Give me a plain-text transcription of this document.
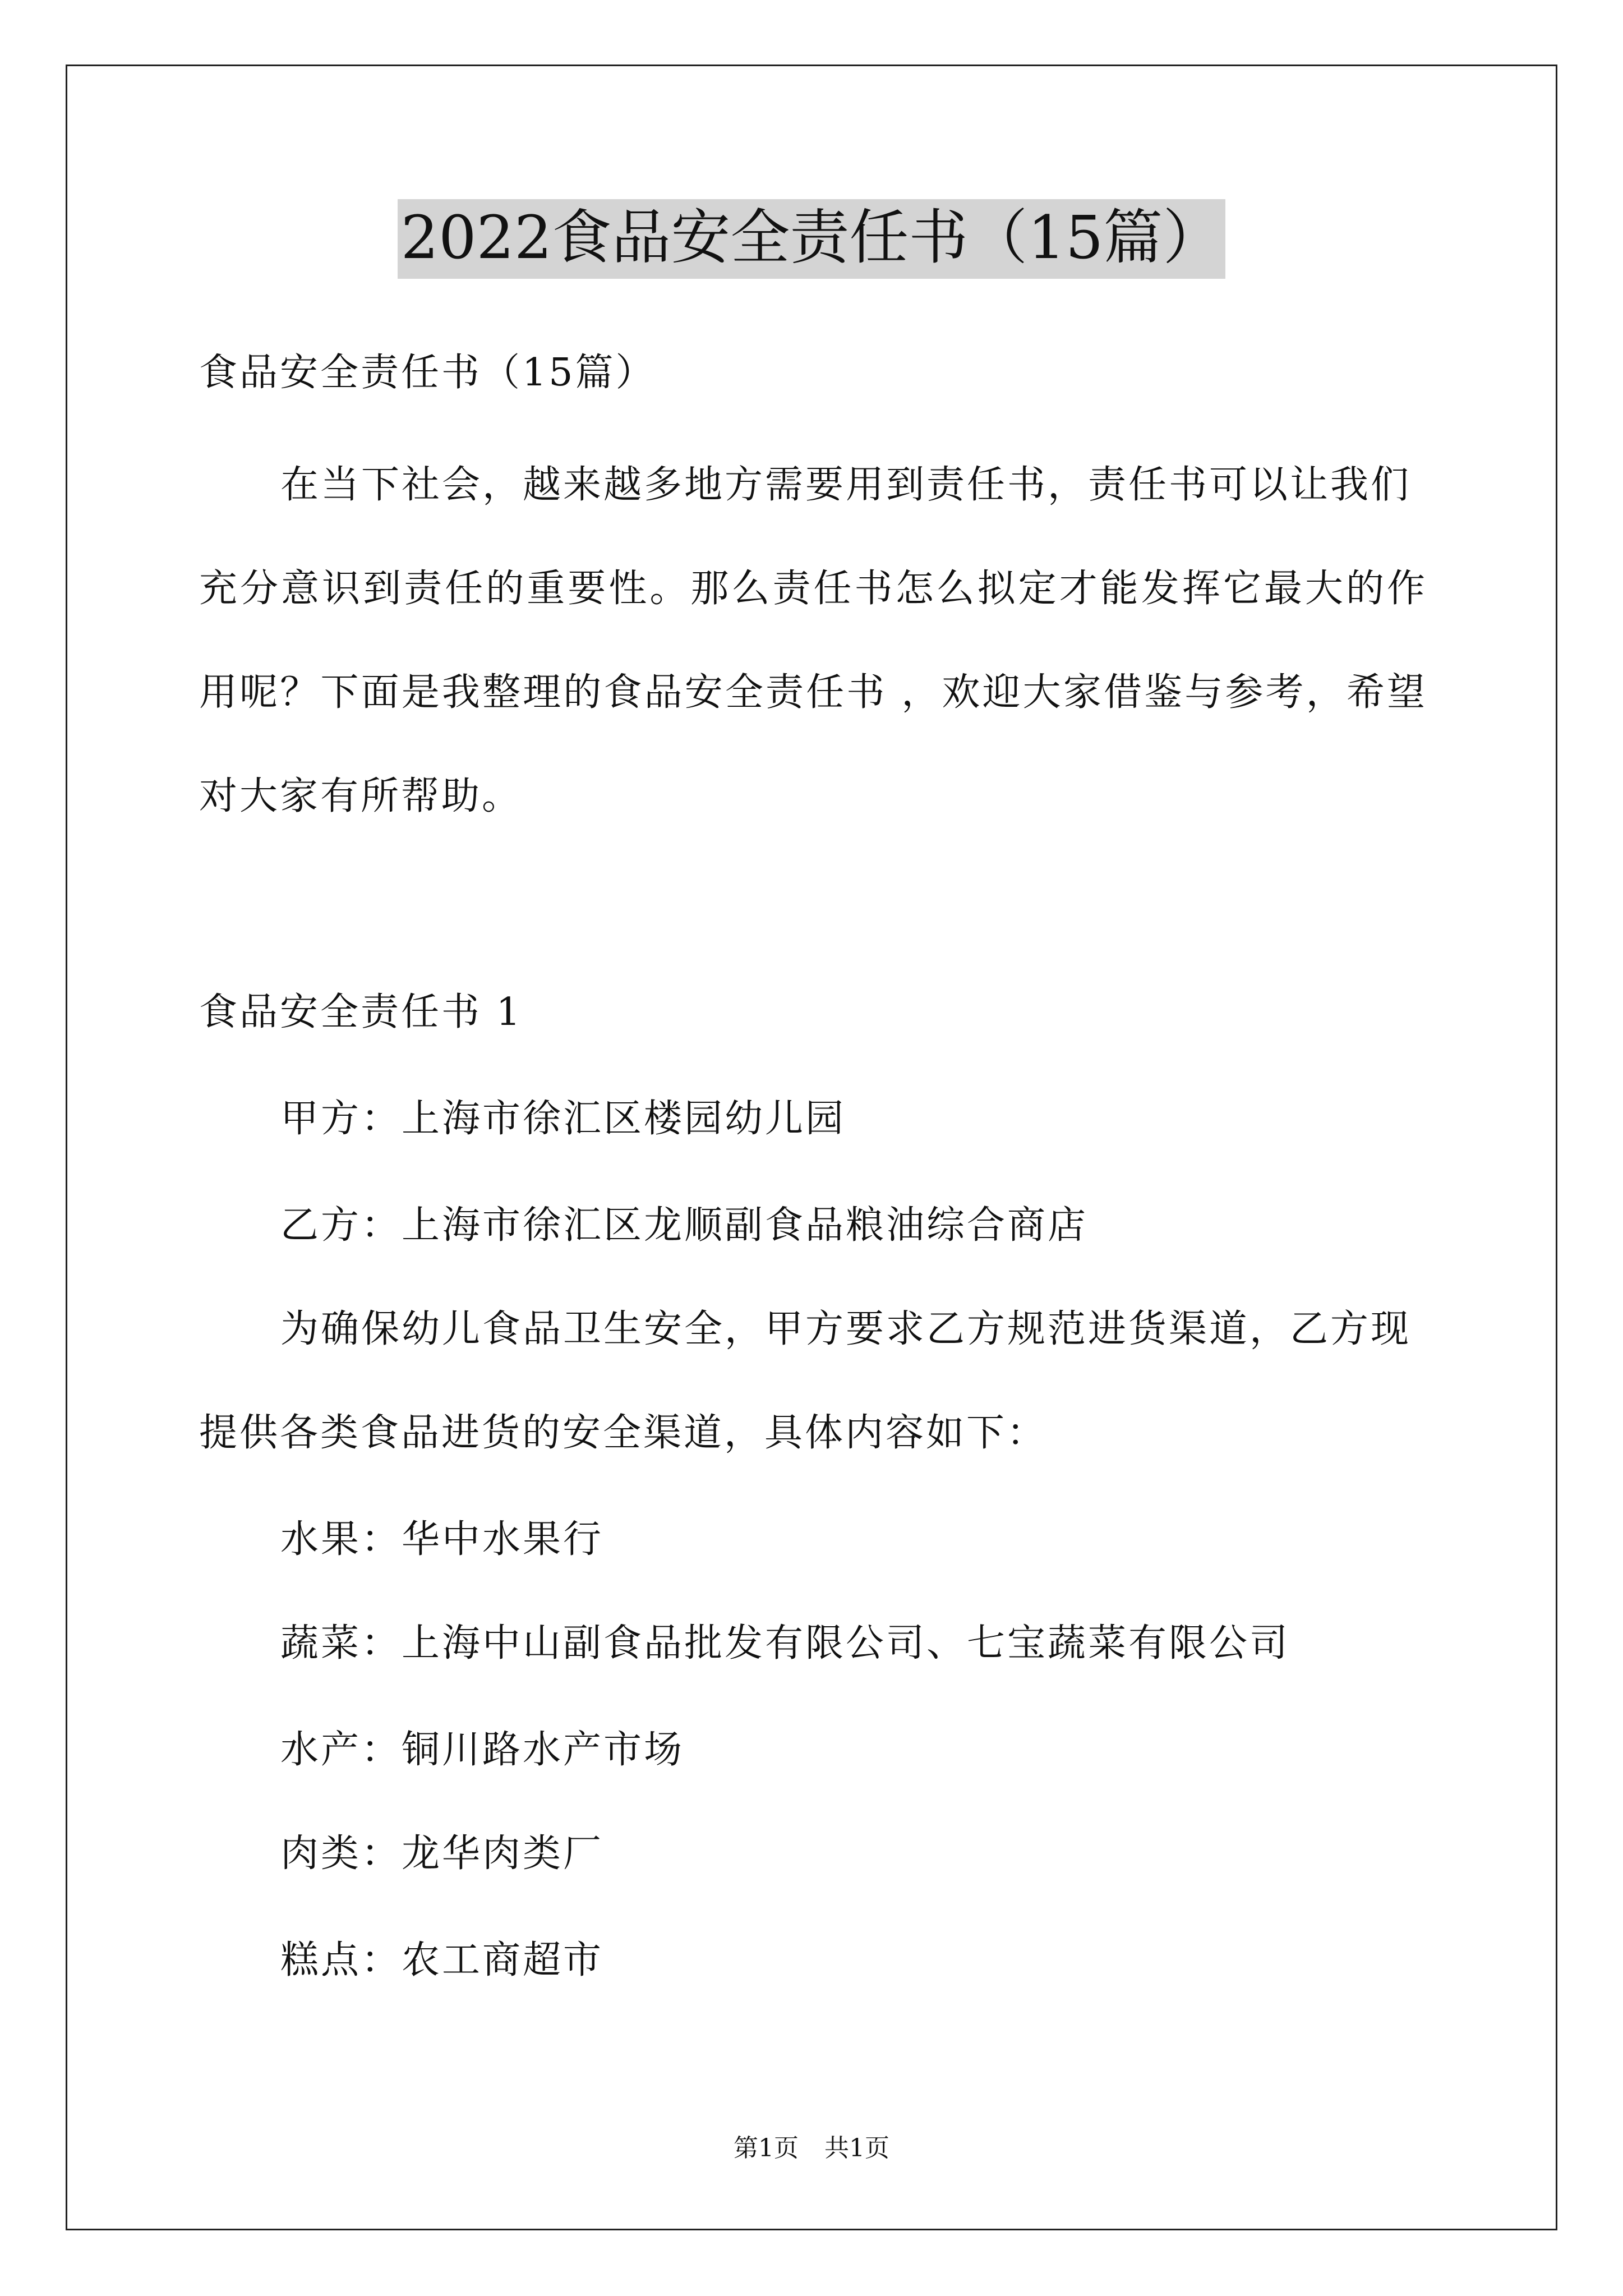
2022食品安全责任书（15篇）

食品安全责任书（15篇）

在当下社会，越来越多地方需要用到责任书，责任书可以让我们

充分意识到责任的重要性。那么责任书怎么拟定才能发挥它最大的作

用呢？下面是我整理的食品安全责任书 ，欢迎大家借鉴与参考，希望

对大家有所帮助。

食品安全责任书 1

甲方：上海市徐汇区楼园幼儿园

乙方：上海市徐汇区龙顺副食品粮油综合商店

为确保幼儿食品卫生安全，甲方要求乙方规范进货渠道，乙方现

提供各类食品进货的安全渠道，具体内容如下：

水果：华中水果行

蔬菜：上海中山副食品批发有限公司、七宝蔬菜有限公司

水产：铜川路水产市场

肉类：龙华肉类厂

糕点：农工商超市

第1页 共1页
